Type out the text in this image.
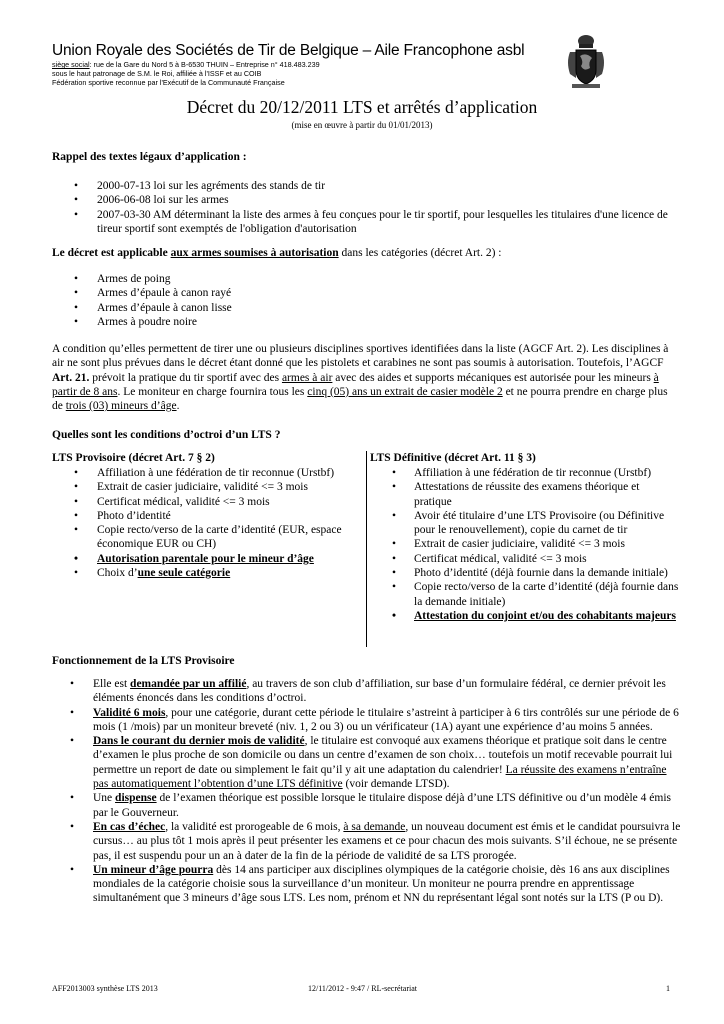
Union Royale des Sociétés de Tir de Belgique – Aile Francophone asbl
siège social: rue de la Gare du Nord 5 à B-6530 THUIN – Entreprise n° 418.483.239
sous le haut patronage de S.M. le Roi, affiliée à l'ISSF et au COIB
Fédération sportive reconnue par l'Exécutif de la Communauté Française
Décret du 20/12/2011 LTS et arrêtés d’application
(mise en œuvre à partir du 01/01/2013)
Rappel des textes légaux d’application :
• 2000-07-13 loi sur les agréments des stands de tir
• 2006-06-08 loi sur les armes
• 2007-03-30 AM déterminant la liste des armes à feu conçues pour le tir sportif, pour lesquelles les titulaires d'une licence de tireur sportif sont exemptés de l'obligation d'autorisation
Le décret est applicable aux armes soumises à autorisation dans les catégories (décret Art. 2) :
• Armes de poing
• Armes d’épaule à canon rayé
• Armes d’épaule à canon lisse
• Armes à poudre noire
A condition qu’elles permettent de tirer une ou plusieurs disciplines sportives identifiées dans la liste (AGCF Art. 2). Les disciplines à air ne sont plus prévues dans le décret étant donné que les pistolets et carabines ne sont pas soumis à autorisation. Toutefois, l’AGCF Art. 21. prévoit la pratique du tir sportif avec des armes à air avec des aides et supports mécaniques est autorisée pour les mineurs à partir de 8 ans. Le moniteur en charge fournira tous les cinq (05) ans un extrait de casier modèle 2 et ne pourra prendre en charge plus de trois (03) mineurs d’âge.
Quelles sont les conditions d’octroi d’un LTS ?
LTS Provisoire (décret Art. 7 § 2)
• Affiliation à une fédération de tir reconnue (Urstbf)
• Extrait de casier judiciaire, validité <= 3 mois
• Certificat médical, validité <= 3 mois
• Photo d’identité
• Copie recto/verso de la carte d’identité (EUR, espace économique EUR ou CH)
• Autorisation parentale pour le mineur d’âge
• Choix d’une seule catégorie
LTS Définitive (décret Art. 11 § 3)
• Affiliation à une fédération de tir reconnue (Urstbf)
• Attestations de réussite des examens théorique et pratique
• Avoir été titulaire d’une LTS Provisoire (ou Définitive pour le renouvellement), copie du carnet de tir
• Extrait de casier judiciaire, validité <= 3 mois
• Certificat médical, validité <= 3 mois
• Photo d’identité (déjà fournie dans la demande initiale)
• Copie recto/verso de la carte d’identité (déjà fournie dans la demande initiale)
• Attestation du conjoint et/ou des cohabitants majeurs
Fonctionnement de la LTS Provisoire
• Elle est demandée par un affilié, au travers de son club d’affiliation, sur base d’un formulaire fédéral, ce dernier prévoit les éléments énoncés dans les conditions d’octroi.
• Validité 6 mois, pour une catégorie, durant cette période le titulaire s’astreint à participer à 6 tirs contrôlés sur une période de 6 mois (1 /mois) par un moniteur breveté (niv. 1, 2 ou 3) ou un vérificateur (1A) ayant une expérience d’au moins 5 années.
• Dans le courant du dernier mois de validité, le titulaire est convoqué aux examens théorique et pratique soit dans le centre d’examen le plus proche de son domicile ou dans un centre d’examen de son choix… toutefois un motif recevable pourrait lui permettre un report de date ou simplement le fait qu’il y ait une adaptation du calendrier! La réussite des examens n’entraîne pas automatiquement l’obtention d’une LTS définitive (voir demande LTSD).
• Une dispense de l’examen théorique est possible lorsque le titulaire dispose déjà d’une LTS définitive ou d’un modèle 4 émis par le Gouverneur.
• En cas d’échec, la validité est prorogeable de 6 mois, à sa demande, un nouveau document est émis et le candidat poursuivra le cursus… au plus tôt 1 mois après il peut présenter les examens et ce pour chacun des mois suivants. S’il échoue, ne se présente pas, il est suspendu pour un an à dater de la fin de la période de validité de sa LTS prorogée.
• Un mineur d’âge pourra dès 14 ans participer aux disciplines olympiques de la catégorie choisie, dès 16 ans aux disciplines mondiales de la catégorie choisie sous la surveillance d’un moniteur. Un moniteur ne pourra prendre en apprentissage simultanément que 3 mineurs d’âge sous LTS. Les nom, prénom et NN du représentant légal sont notés sur la LTS (P ou D).
AFF2013003 synthèse LTS 2013	12/11/2012 - 9:47 / RL-secrétariat	1
